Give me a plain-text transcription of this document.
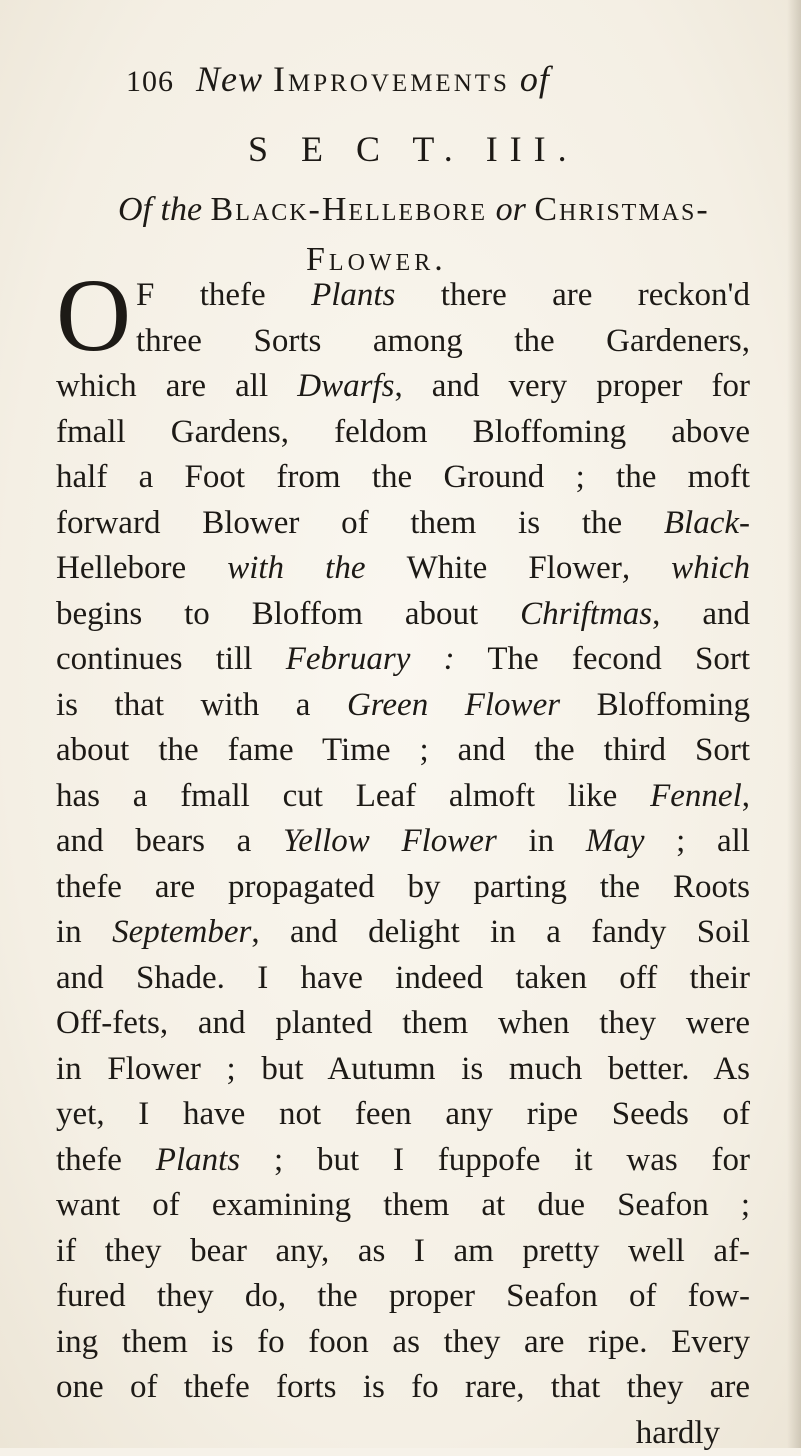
106 New Improvements of
S E C T. III.
Of the Black-Hellebore or Christmas-
Flower.
O F thefe Plants there are reckon'd
three Sorts among the Gardeners,
which are all Dwarfs, and very proper for
fmall Gardens, feldom Bloffoming above
half a Foot from the Ground ; the moft
forward Blower of them is the Black-
Hellebore with the White Flower, which
begins to Bloffom about Chriftmas, and
continues till February : The fecond Sort
is that with a Green Flower Bloffoming
about the fame Time ; and the third Sort
has a fmall cut Leaf almoft like Fennel,
and bears a Yellow Flower in May ; all
thefe are propagated by parting the Roots
in September, and delight in a fandy Soil
and Shade. I have indeed taken off their
Off-fets, and planted them when they were
in Flower ; but Autumn is much better. As
yet, I have not feen any ripe Seeds of
thefe Plants ; but I fuppofe it was for
want of examining them at due Seafon ;
if they bear any, as I am pretty well af-
fured they do, the proper Seafon of fow-
ing them is fo foon as they are ripe. Every
one of thefe forts is fo rare, that they are
hardly
